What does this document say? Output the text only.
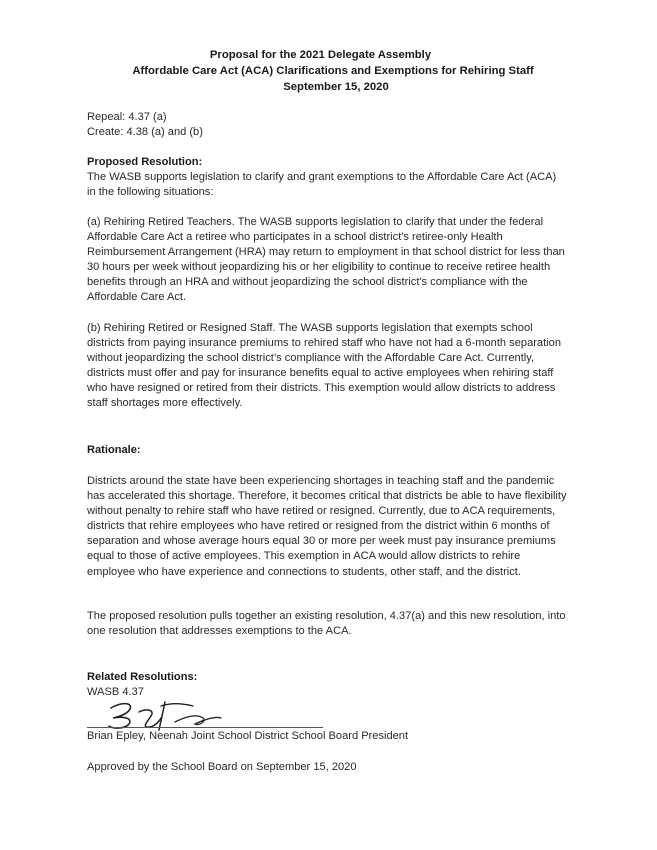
Proposal for the 2021 Delegate Assembly
Affordable Care Act (ACA) Clarifications and Exemptions for Rehiring Staff
September 15, 2020

Repeal: 4.37 (a)

Create: 4.38 (a) and (b)

Proposed Resolution:

The WASB supports legislation to clarify and grant exemptions to the Affordable Care Act (ACA) in the following situations:

(a) Rehiring Retired Teachers. The WASB supports legislation to clarify that under the federal Affordable Care Act a retiree who participates in a school district's retiree-only Health Reimbursement Arrangement (HRA) may return to employment in that school district for less than 30 hours per week without jeopardizing his or her eligibility to continue to receive retiree health benefits through an HRA and without jeopardizing the school district's compliance with the Affordable Care Act.
(b) Rehiring Retired or Resigned Staff. The WASB supports legislation that exempts school districts from paying insurance premiums to rehired staff who have not had a 6-month separation without jeopardizing the school district’s compliance with the Affordable Care Act. Currently, districts must offer and pay for insurance benefits equal to active employees when rehiring staff who have resigned or retired from their districts. This exemption would allow districts to address staff shortages more effectively.

Rationale:

Districts around the state have been experiencing shortages in teaching staff and the pandemic has accelerated this shortage. Therefore, it becomes critical that districts be able to have flexibility without penalty to rehire staff who have retired or resigned. Currently, due to ACA requirements, districts that rehire employees who have retired or resigned from the district within 6 months of separation and whose average hours equal 30 or more per week must pay insurance premiums equal to those of active employees. This exemption in ACA would allow districts to rehire employee who have experience and connections to students, other staff, and the district.
The proposed resolution pulls together an existing resolution, 4.37(a) and this new resolution, into one resolution that addresses exemptions to the ACA.

Related Resolutions:

WASB 4.37

Brian Epley, Neenah Joint School District School Board President
Approved by the School Board on September 15, 2020
